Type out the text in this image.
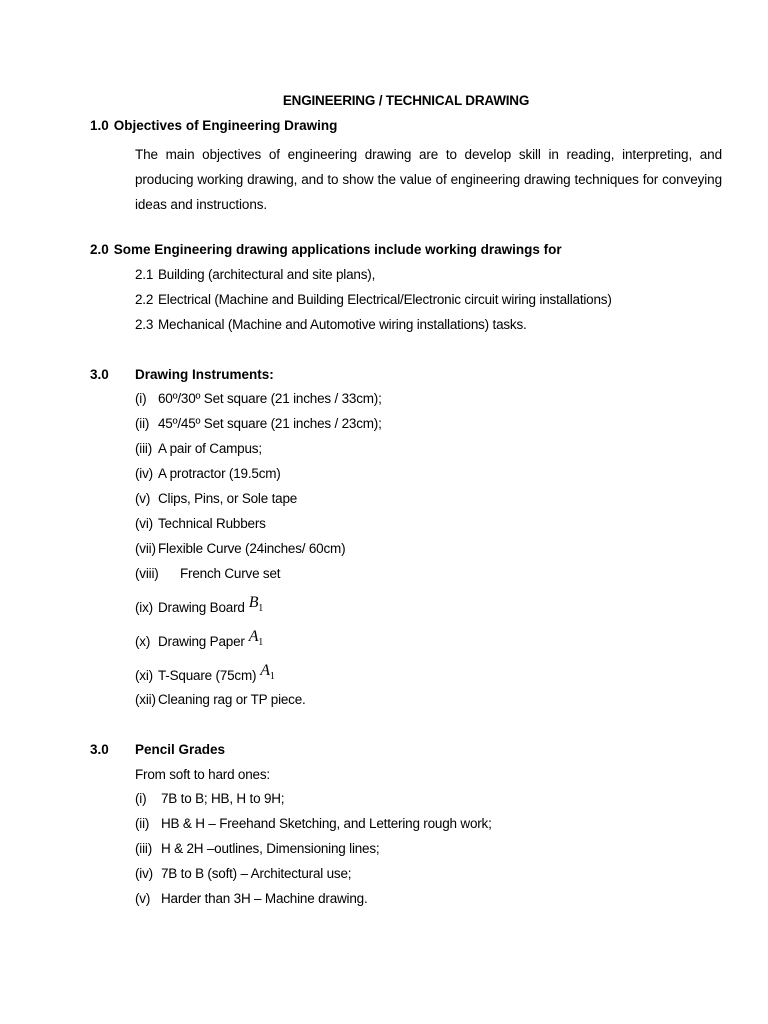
ENGINEERING / TECHNICAL DRAWING
1.0 Objectives of Engineering Drawing
The main objectives of engineering drawing are to develop skill in reading, interpreting, and producing working drawing, and to show the value of engineering drawing techniques for conveying ideas and instructions.
2.0 Some Engineering drawing applications include working drawings for
2.1 Building (architectural and site plans),
2.2 Electrical (Machine and Building Electrical/Electronic circuit wiring installations)
2.3 Mechanical (Machine and Automotive wiring installations) tasks.
3.0 Drawing Instruments:
(i) 60º/30º Set square (21 inches / 33cm);
(ii) 45º/45º Set square (21 inches / 23cm);
(iii) A pair of Campus;
(iv) A protractor (19.5cm)
(v) Clips, Pins, or Sole tape
(vi) Technical Rubbers
(vii) Flexible Curve (24inches/ 60cm)
(viii) French Curve set
(ix) Drawing Board $B_1$
(x) Drawing Paper $A_1$
(xi) T-Square (75cm) $A_1$
(xii) Cleaning rag or TP piece.
3.0 Pencil Grades
From soft to hard ones:
(i) 7B to B; HB, H to 9H;
(ii) HB & H – Freehand Sketching, and Lettering rough work;
(iii) H & 2H –outlines, Dimensioning lines;
(iv) 7B to B (soft) – Architectural use;
(v) Harder than 3H – Machine drawing.
